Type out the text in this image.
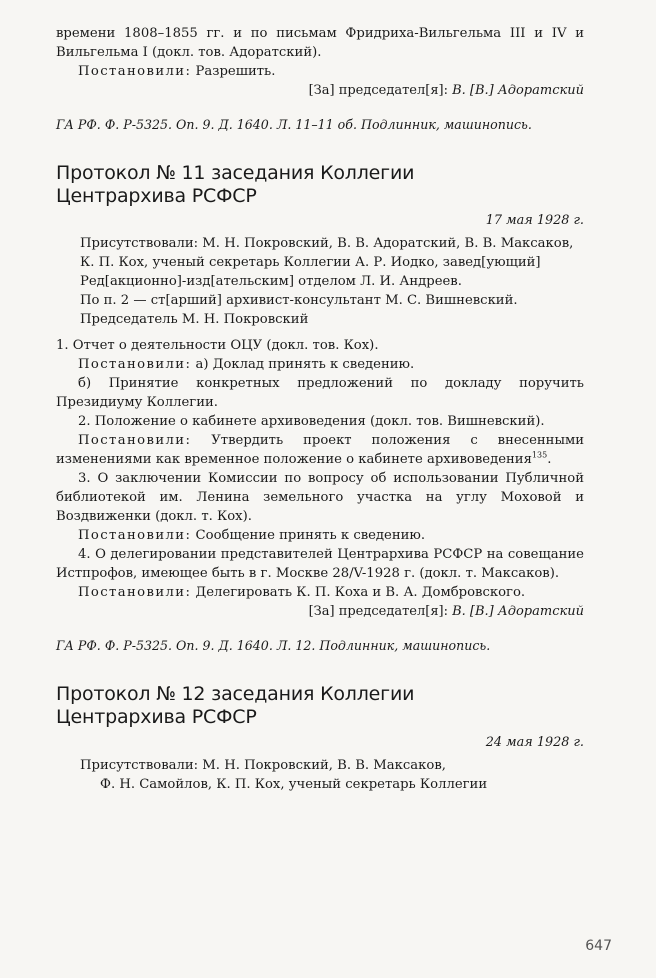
времени 1808–1855 гг. и по письмам Фридриха-Вильгельма III и IV и Вильгельма I (докл. тов. Адоратский).

Постановили: Разрешить.

[За] председател[я]: В. [В.] Адоратский

ГА РФ. Ф. Р-5325. Оп. 9. Д. 1640. Л. 11–11 об. Подлинник, машинопись.

Протокол № 11 заседания Коллегии
Центрархива РСФСР

17 мая 1928 г.

Присутствовали: М. Н. Покровский, В. В. Адоратский, В. В. Максаков,

К. П. Кох, ученый секретарь Коллегии А. Р. Иодко, завед[ующий]

Ред[акционно]-изд[ательским] отделом Л. И. Андреев.

По п. 2 — ст[арший] архивист-консультант М. С. Вишневский.

Председатель М. Н. Покровский

1. Отчет о деятельности ОЦУ (докл. тов. Кох).

Постановили: а) Доклад принять к сведению.

б) Принятие конкретных предложений по докладу поручить Президиуму Коллегии.

2. Положение о кабинете архивоведения (докл. тов. Вишневский).

Постановили: Утвердить проект положения с внесенными изменениями как временное положение о кабинете архивоведения$^{135}$.

3. О заключении Комиссии по вопросу об использовании Публичной библиотекой им. Ленина земельного участка на углу Моховой и Воздвиженки (докл. т. Кох).

Постановили: Сообщение принять к сведению.

4. О делегировании представителей Центрархива РСФСР на совещание Истпрофов, имеющее быть в г. Москве 28/V-1928 г. (докл. т. Максаков).

Постановили: Делегировать К. П. Коха и В. А. Домбровского.

[За] председател[я]: В. [В.] Адоратский

ГА РФ. Ф. Р-5325. Оп. 9. Д. 1640. Л. 12. Подлинник, машинопись.

Протокол № 12 заседания Коллегии
Центрархива РСФСР

24 мая 1928 г.

Присутствовали: М. Н. Покровский, В. В. Максаков,

Ф. Н. Самойлов, К. П. Кох, ученый секретарь Коллегии

647
